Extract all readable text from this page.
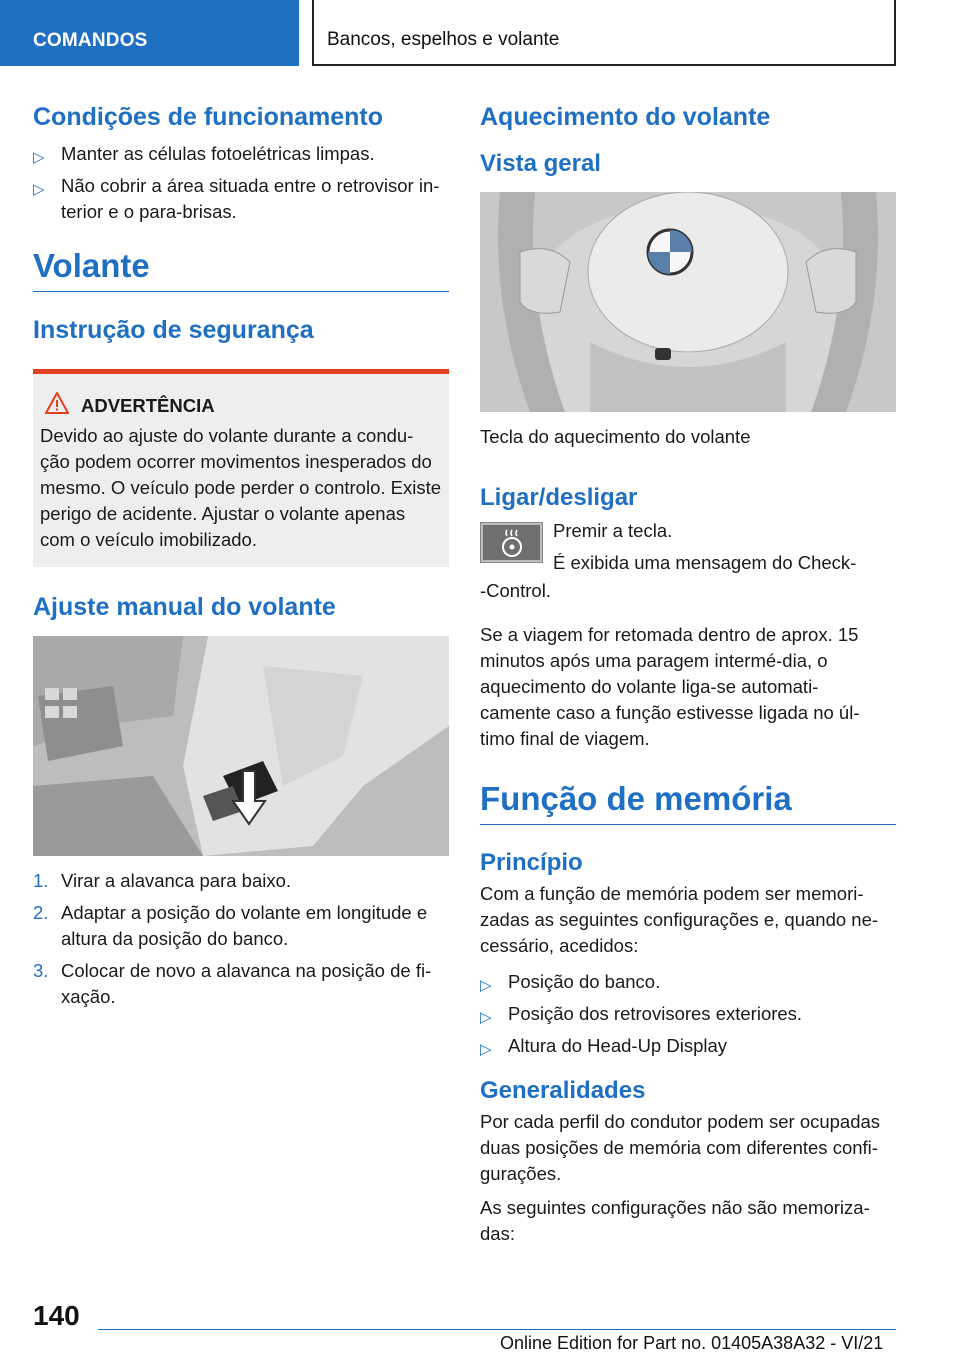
COMANDOS	Bancos, espelhos e volante
Condições de funcionamento
▷ Manter as células fotoelétricas limpas.
▷ Não cobrir a área situada entre o retrovisor in‐terior e o para-brisas.
Volante
Instrução de segurança
ADVERTÊNCIA

Devido ao ajuste do volante durante a condu‐ção podem ocorrer movimentos inesperados do mesmo. O veículo pode perder o controlo. Existe perigo de acidente. Ajustar o volante apenas com o veículo imobilizado.

Ajuste manual do volante
1. Virar a alavanca para baixo.
2. Adaptar a posição do volante em longitude e altura da posição do banco.
3. Colocar de novo a alavanca na posição de fi‐xação.
Aquecimento do volante
Vista geral

Tecla do aquecimento do volante

Ligar/desligar

Premir a tecla.

É exibida uma mensagem do Check-

-Control.

Se a viagem for retomada dentro de aprox. 15 minutos após uma paragem intermé‐dia, o aquecimento do volante liga-se automati‐camente caso a função estivesse ligada no úl‐timo final de viagem.

Função de memória
Princípio

Com a função de memória podem ser memori‐zadas as seguintes configurações e, quando ne‐cessário, acedidos:

▷ Posição do banco.
▷ Posição dos retrovisores exteriores.
▷ Altura do Head-Up Display
Generalidades

Por cada perfil do condutor podem ser ocupadas duas posições de memória com diferentes confi‐gurações.

As seguintes configurações não são memoriza‐das:

140
Online Edition for Part no. 01405A38A32 - VI/21
